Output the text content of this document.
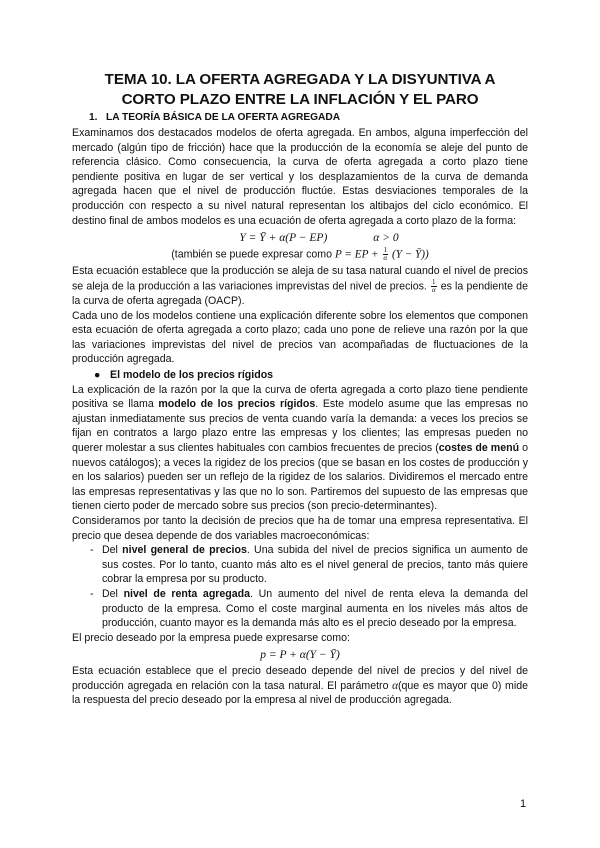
TEMA 10. LA OFERTA AGREGADA Y LA DISYUNTIVA A
CORTO PLAZO ENTRE LA INFLACIÓN Y EL PARO
1. LA TEORÍA BÁSICA DE LA OFERTA AGREGADA

Examinamos dos destacados modelos de oferta agregada. En ambos, alguna imperfección del mercado (algún tipo de fricción) hace que la producción de la economía se aleje del punto de referencia clásico. Como consecuencia, la curva de oferta agregada a corto plazo tiene pendiente positiva en lugar de ser vertical y los desplazamientos de la curva de demanda agregada hacen que el nivel de producción fluctúe. Estas desviaciones temporales de la producción con respecto a su nivel natural representan los altibajos del ciclo económico. El destino final de ambos modelos es una ecuación de oferta agregada a corto plazo de la forma:

Y = Ȳ + α(P − EP)	α > 0
(también se puede expresar como P = EP + $\frac{1}{\alpha} (Y$ − Ȳ))

Esta ecuación establece que la producción se aleja de su tasa natural cuando el nivel de precios se aleja de la producción a las variaciones imprevistas del nivel de precios. $\frac{1}{\alpha}$ es la pendiente de la curva de oferta agregada (OACP).

Cada uno de los modelos contiene una explicación diferente sobre los elementos que componen esta ecuación de oferta agregada a corto plazo; cada uno pone de relieve una razón por la que las variaciones imprevistas del nivel de precios van acompañadas de fluctuaciones de la producción agregada.

● El modelo de los precios rígidos

La explicación de la razón por la que la curva de oferta agregada a corto plazo tiene pendiente positiva se llama modelo de los precios rígidos. Este modelo asume que las empresas no ajustan inmediatamente sus precios de venta cuando varía la demanda: a veces los precios se fijan en contratos a largo plazo entre las empresas y los clientes; las empresas pueden no querer molestar a sus clientes habituales con cambios frecuentes de precios (costes de menú o nuevos catálogos); a veces la rigidez de los precios (que se basan en los costes de producción y en los salarios) pueden ser un reflejo de la rigidez de los salarios. Dividiremos el mercado entre las empresas representativas y las que no lo son. Partiremos del supuesto de las empresas que tienen cierto poder de mercado sobre sus precios (son precio-determinantes).

Consideramos por tanto la decisión de precios que ha de tomar una empresa representativa. El precio que desea depende de dos variables macroeconómicas:

- Del nivel general de precios. Una subida del nivel de precios significa un aumento de sus costes. Por lo tanto, cuanto más alto es el nivel general de precios, tanto más quiere cobrar la empresa por su producto.
- Del nivel de renta agregada. Un aumento del nivel de renta eleva la demanda del producto de la empresa. Como el coste marginal aumenta en los niveles más altos de producción, cuanto mayor es la demanda más alto es el precio deseado por la empresa.

El precio deseado por la empresa puede expresarse como:

p = P + α(Y − Ȳ)

Esta ecuación establece que el precio deseado depende del nivel de precios y del nivel de producción agregada en relación con la tasa natural. El parámetro α(que es mayor que 0) mide la respuesta del precio deseado por la empresa al nivel de producción agregada.

1
